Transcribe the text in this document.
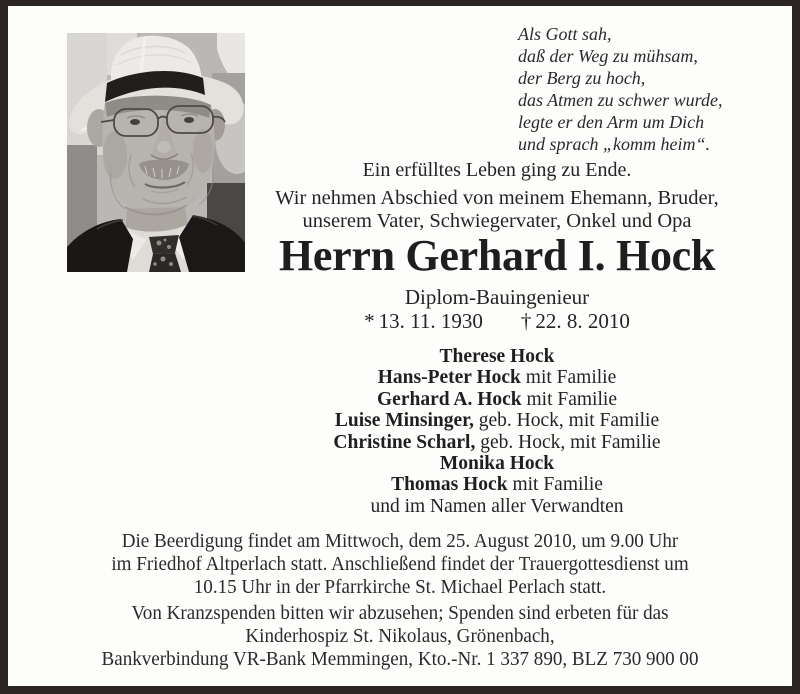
Als Gott sah,
daß der Weg zu mühsam,
der Berg zu hoch,
das Atmen zu schwer wurde,
legte er den Arm um Dich
und sprach „komm heim“.
Ein erfülltes Leben ging zu Ende.
Wir nehmen Abschied von meinem Ehemann, Bruder,
unserem Vater, Schwiegervater, Onkel und Opa
Herrn Gerhard I. Hock
Diplom-Bauingenieur
* 13. 11. 1930 † 22. 8. 2010
Therese Hock
Hans-Peter Hock mit Familie
Gerhard A. Hock mit Familie
Luise Minsinger, geb. Hock, mit Familie
Christine Scharl, geb. Hock, mit Familie
Monika Hock
Thomas Hock mit Familie
und im Namen aller Verwandten
Die Beerdigung findet am Mittwoch, dem 25. August 2010, um 9.00 Uhr
im Friedhof Altperlach statt. Anschließend findet der Trauergottesdienst um
10.15 Uhr in der Pfarrkirche St. Michael Perlach statt.
Von Kranzspenden bitten wir abzusehen; Spenden sind erbeten für das
Kinderhospiz St. Nikolaus, Grönenbach,
Bankverbindung VR-Bank Memmingen, Kto.-Nr. 1 337 890, BLZ 730 900 00
